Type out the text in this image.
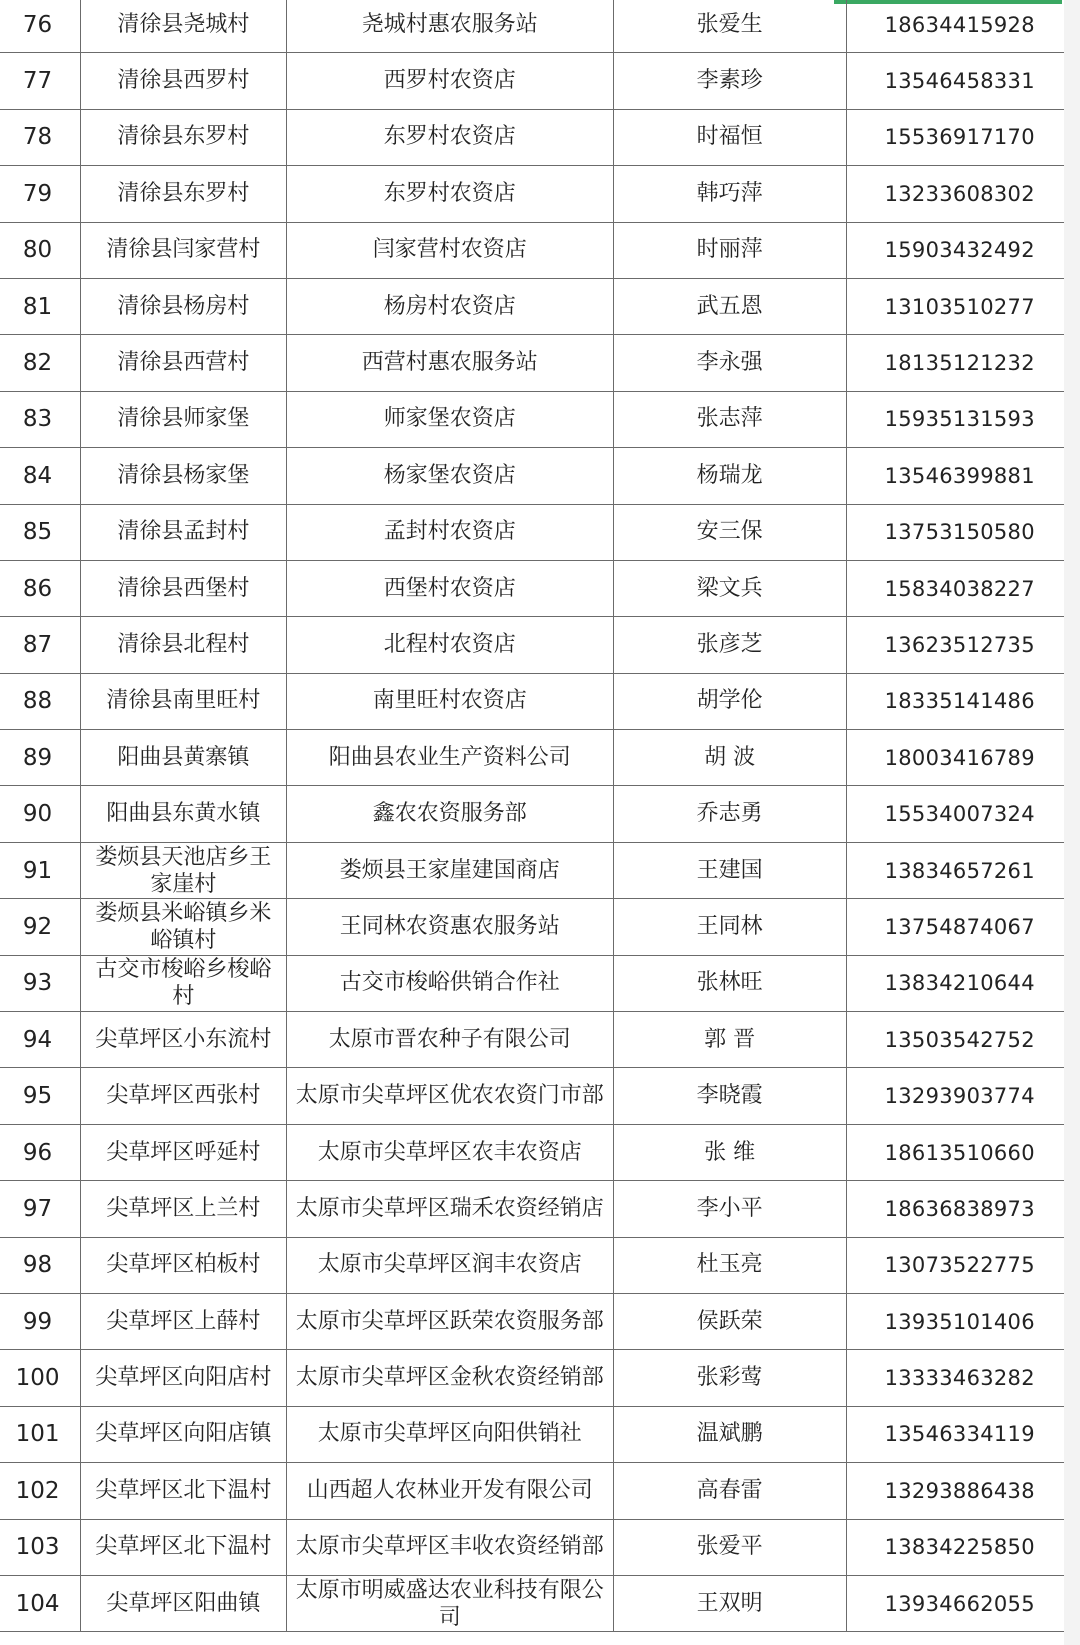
76	清徐县尧城村	尧城村惠农服务站	张爱生	18634415928
77	清徐县西罗村	西罗村农资店	李素珍	13546458331
78	清徐县东罗村	东罗村农资店	时福恒	15536917170
79	清徐县东罗村	东罗村农资店	韩巧萍	13233608302
80	清徐县闫家营村	闫家营村农资店	时丽萍	15903432492
81	清徐县杨房村	杨房村农资店	武五恩	13103510277
82	清徐县西营村	西营村惠农服务站	李永强	18135121232
83	清徐县师家堡	师家堡农资店	张志萍	15935131593
84	清徐县杨家堡	杨家堡农资店	杨瑞龙	13546399881
85	清徐县孟封村	孟封村农资店	安三保	13753150580
86	清徐县西堡村	西堡村农资店	梁文兵	15834038227
87	清徐县北程村	北程村农资店	张彦芝	13623512735
88	清徐县南里旺村	南里旺村农资店	胡学伦	18335141486
89	阳曲县黄寨镇	阳曲县农业生产资料公司	胡 波	18003416789
90	阳曲县东黄水镇	鑫农农资服务部	乔志勇	15534007324
91	娄烦县天池店乡王家崖村	娄烦县王家崖建国商店	王建国	13834657261
92	娄烦县米峪镇乡米峪镇村	王同林农资惠农服务站	王同林	13754874067
93	古交市梭峪乡梭峪村	古交市梭峪供销合作社	张林旺	13834210644
94	尖草坪区小东流村	太原市晋农种子有限公司	郭 晋	13503542752
95	尖草坪区西张村	太原市尖草坪区优农农资门市部	李晓霞	13293903774
96	尖草坪区呼延村	太原市尖草坪区农丰农资店	张 维	18613510660
97	尖草坪区上兰村	太原市尖草坪区瑞禾农资经销店	李小平	18636838973
98	尖草坪区柏板村	太原市尖草坪区润丰农资店	杜玉亮	13073522775
99	尖草坪区上薛村	太原市尖草坪区跃荣农资服务部	侯跃荣	13935101406
100	尖草坪区向阳店村	太原市尖草坪区金秋农资经销部	张彩莺	13333463282
101	尖草坪区向阳店镇	太原市尖草坪区向阳供销社	温斌鹏	13546334119
102	尖草坪区北下温村	山西超人农林业开发有限公司	高春雷	13293886438
103	尖草坪区北下温村	太原市尖草坪区丰收农资经销部	张爱平	13834225850
104	尖草坪区阳曲镇	太原市明威盛达农业科技有限公司	王双明	13934662055
